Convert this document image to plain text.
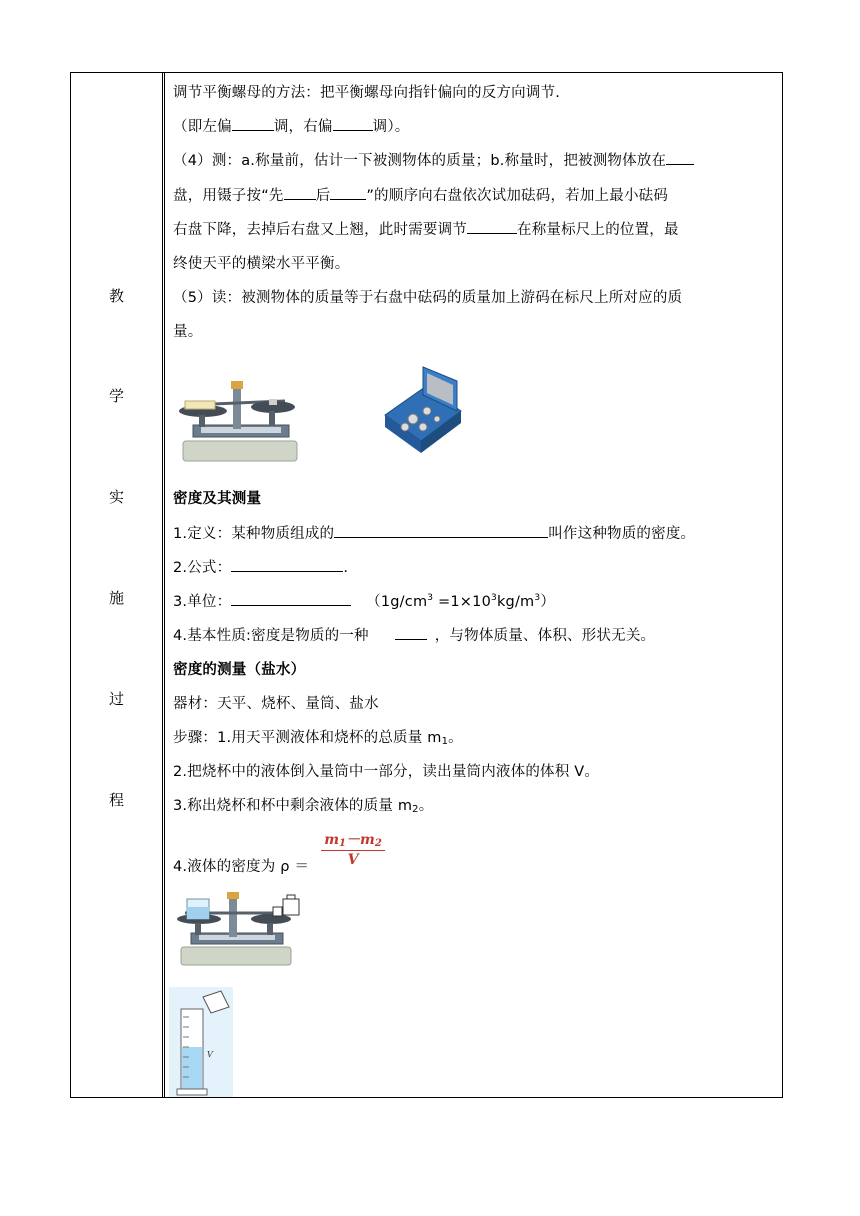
教
学
实
施
过
程
调节平衡螺母的方法：把平衡螺母向指针偏向的反方向调节.
（即左偏	调，右偏	调）。
（4）测：a.称量前，估计一下被测物体的质量；b.称量时，把被测物体放在
盘，用镊子按“先 后 ”的顺序向右盘依次试加砝码，若加上最小砝码
右盘下降，去掉后右盘又上翘，此时需要调节	在称量标尺上的位置，最
终使天平的横梁水平平衡。
（5）读：被测物体的质量等于右盘中砝码的质量加上游码在标尺上所对应的质
量。
密度及其测量
1.定义：某种物质组成的	叫作这种物质的密度。
2.公式：	.
3.单位：	$(1g/cm^3 =1\times 10^3kg/m^3)$
4.基本性质:密度是物质的一种	，与物体质量、体积、形状无关。
密度的测量（盐水）
器材：天平、烧杯、量筒、盐水
步骤：1.用天平测液体和烧杯的总质量 $m_1$。
2.把烧杯中的液体倒入量筒中一部分，读出量筒内液体的体积 V。
3.称出烧杯和杯中剩余液体的质量 $m_2$。
4.液体的密度为 ρ ＝
$m_1-m_2$
V
V
